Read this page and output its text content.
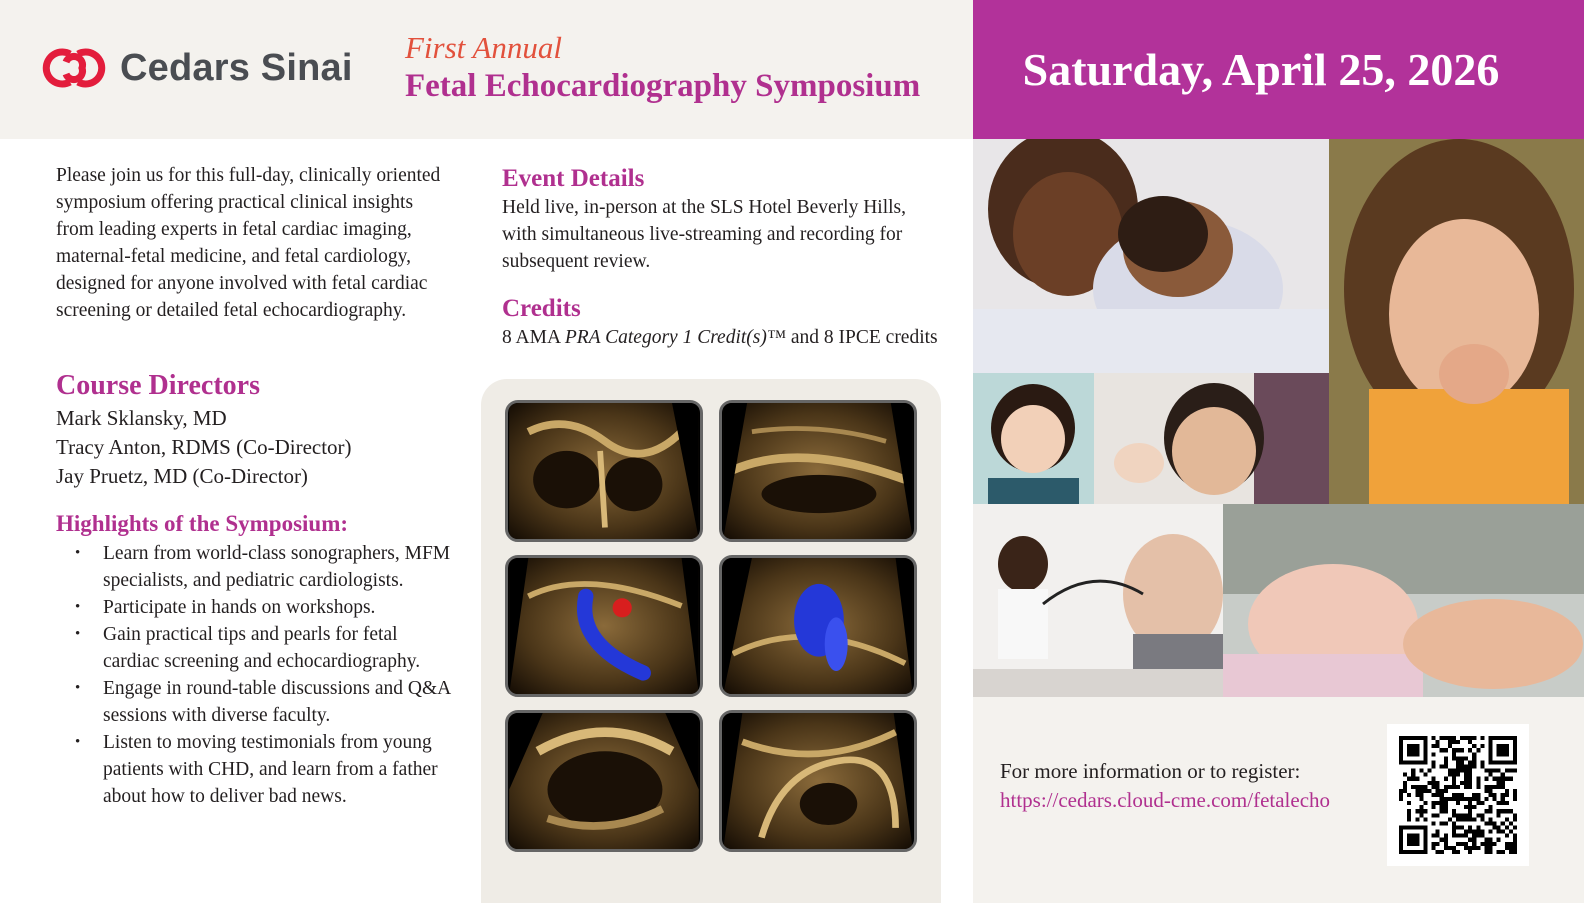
Cedars Sinai First Annual
Fetal Echocardiography Symposium Saturday, April 25, 2026

Please join us for this full-day, clinically oriented symposium offering practical clinical insights from leading experts in fetal cardiac imaging, maternal-fetal medicine, and fetal cardiology, designed for anyone involved with fetal cardiac screening or detailed fetal echocardiography.

Course Directors
Mark Sklansky, MD
Tracy Anton, RDMS (Co-Director)
Jay Pruetz, MD (Co-Director)
Highlights of the Symposium:
• Learn from world-class sonographers, MFM specialists, and pediatric cardiologists.
• Participate in hands on workshops.
• Gain practical tips and pearls for fetal cardiac screening and echocardiography.
• Engage in round-table discussions and Q&A sessions with diverse faculty.
• Listen to moving testimonials from young patients with CHD, and learn from a father about how to deliver bad news.
Event Details

Held live, in-person at the SLS Hotel Beverly Hills, with simultaneous live-streaming and recording for subsequent review.

Credits

8 AMA PRA Category 1 Credit(s)™ and 8 IPCE credits

For more information or to register:
https://cedars.cloud-cme.com/fetalecho
